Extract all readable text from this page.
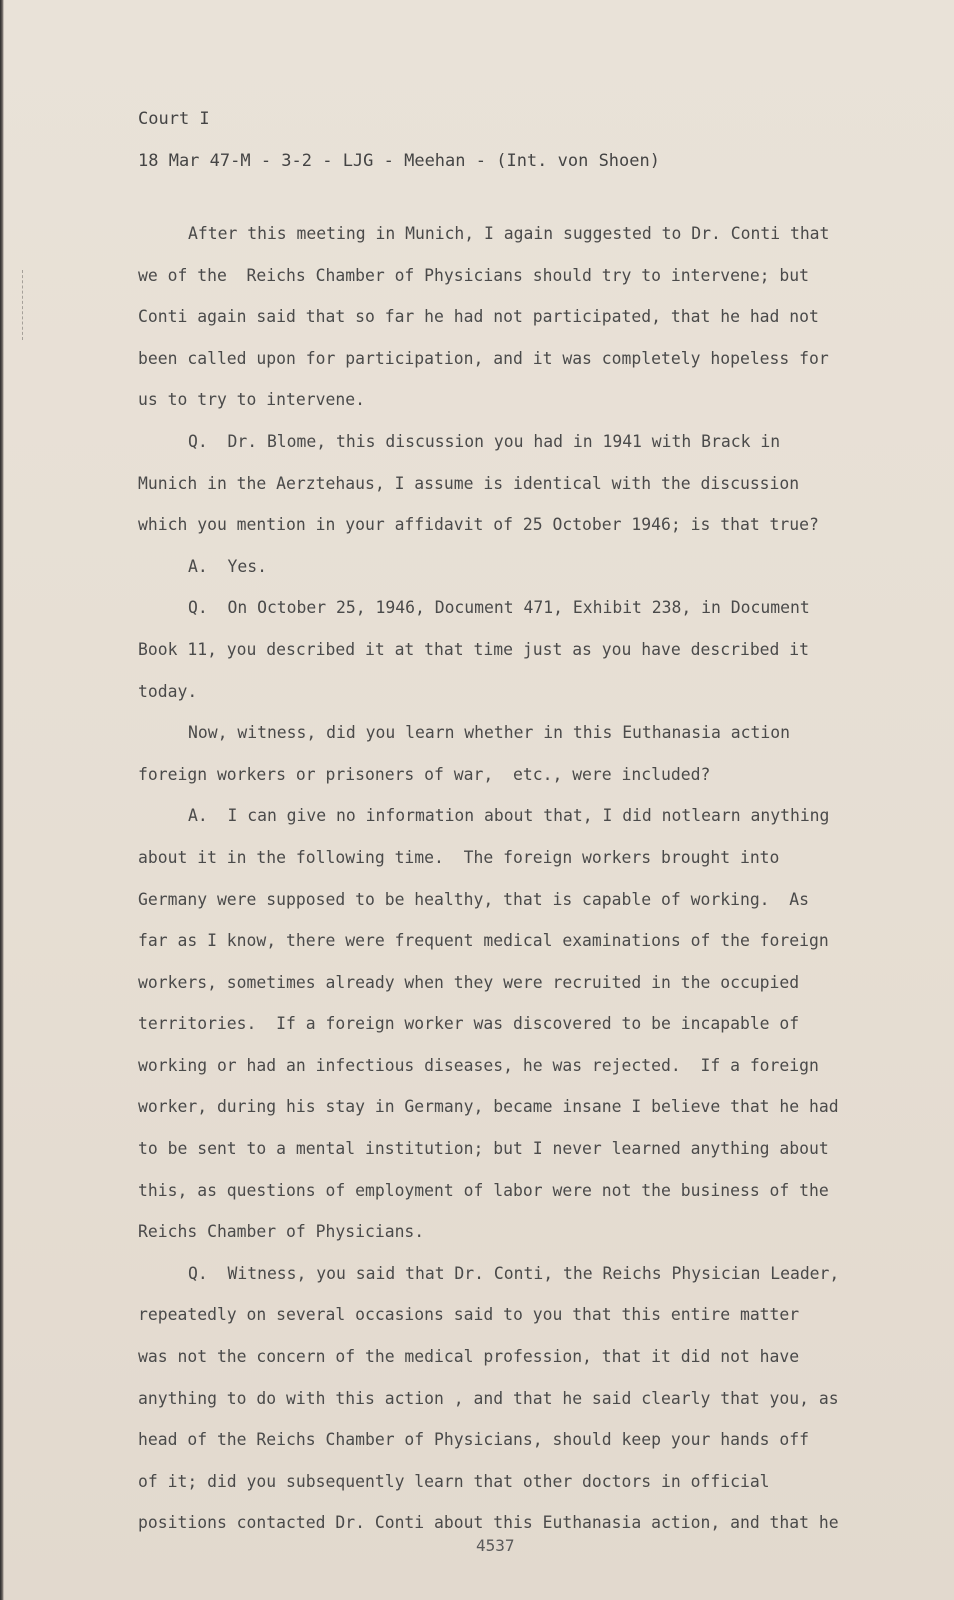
Court I
18 Mar 47-M - 3-2 - LJG - Meehan - (Int. von Shoen)
After this meeting in Munich, I again suggested to Dr. Conti that
we of the  Reichs Chamber of Physicians should try to intervene; but
Conti again said that so far he had not participated, that he had not
been called upon for participation, and it was completely hopeless for
us to try to intervene.
Q.  Dr. Blome, this discussion you had in 1941 with Brack in
Munich in the Aerztehaus, I assume is identical with the discussion
which you mention in your affidavit of 25 October 1946; is that true?
A.  Yes.
Q.  On October 25, 1946, Document 471, Exhibit 238, in Document
Book 11, you described it at that time just as you have described it
today.
Now, witness, did you learn whether in this Euthanasia action
foreign workers or prisoners of war,  etc., were included?
A.  I can give no information about that, I did notlearn anything
about it in the following time.  The foreign workers brought into
Germany were supposed to be healthy, that is capable of working.  As
far as I know, there were frequent medical examinations of the foreign
workers, sometimes already when they were recruited in the occupied
territories.  If a foreign worker was discovered to be incapable of
working or had an infectious diseases, he was rejected.  If a foreign
worker, during his stay in Germany, became insane I believe that he had
to be sent to a mental institution; but I never learned anything about
this, as questions of employment of labor were not the business of the
Reichs Chamber of Physicians.
Q.  Witness, you said that Dr. Conti, the Reichs Physician Leader,
repeatedly on several occasions said to you that this entire matter
was not the concern of the medical profession, that it did not have
anything to do with this action , and that he said clearly that you, as
head of the Reichs Chamber of Physicians, should keep your hands off
of it; did you subsequently learn that other doctors in official
positions contacted Dr. Conti about this Euthanasia action, and that he
4537
